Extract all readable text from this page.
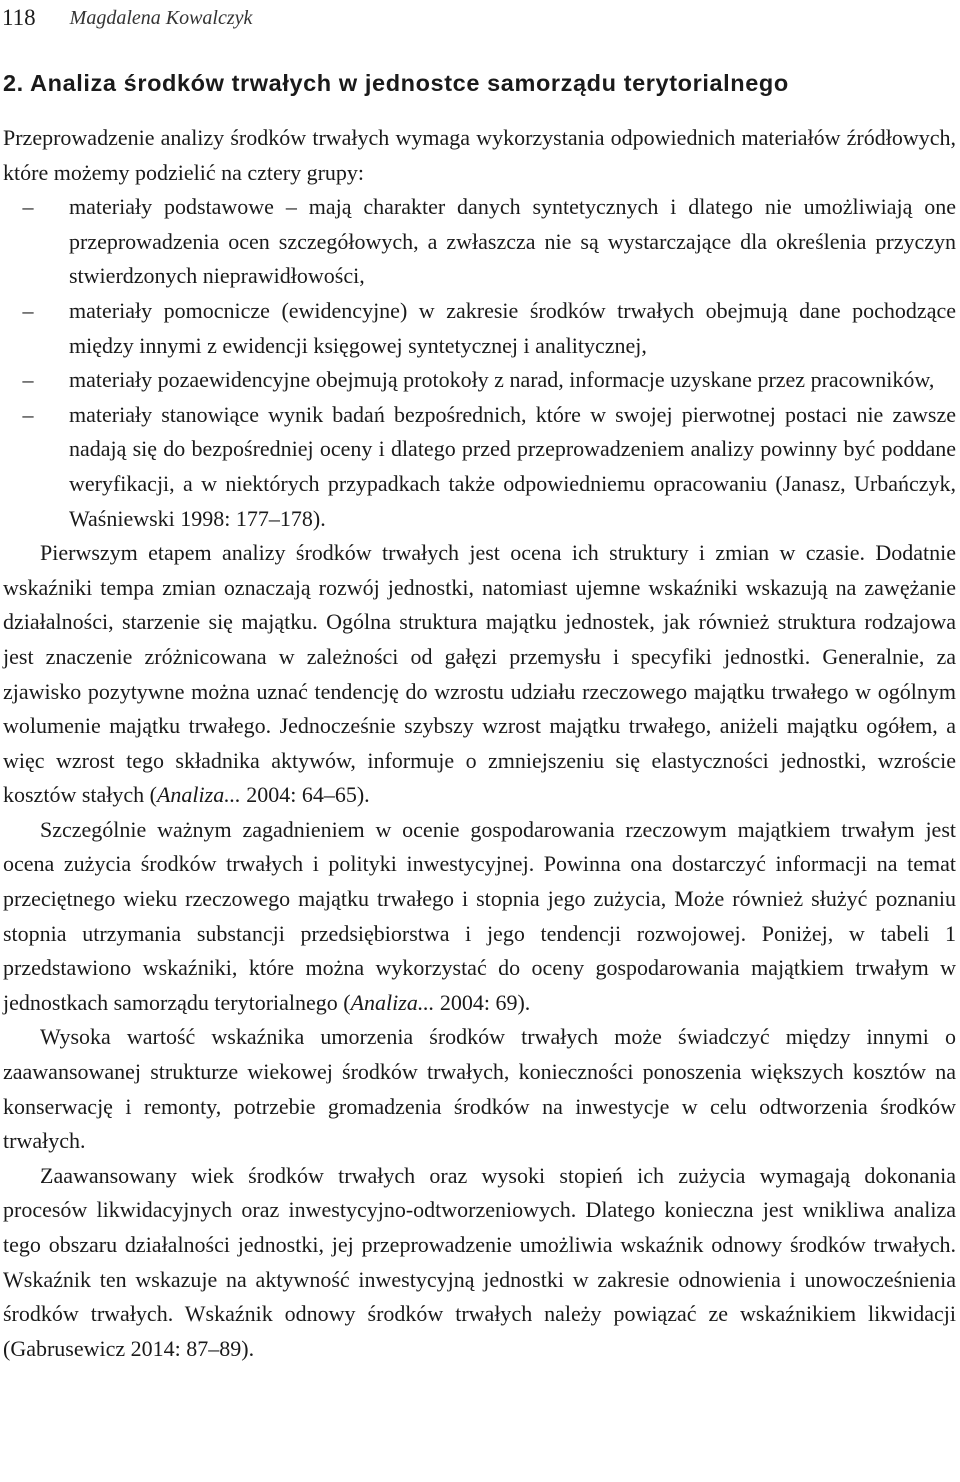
118 Magdalena Kowalczyk
2. Analiza środków trwałych w jednostce samorządu terytorialnego

Przeprowadzenie analizy środków trwałych wymaga wykorzystania odpowiednich materiałów źródłowych, które możemy podzielić na cztery grupy:

–	materiały podstawowe – mają charakter danych syntetycznych i dlatego nie umożliwiają one przeprowadzenia ocen szczegółowych, a zwłaszcza nie są wystarczające dla określenia przyczyn stwierdzonych nieprawidłowości,
–	materiały pomocnicze (ewidencyjne) w zakresie środków trwałych obejmują dane pochodzące między innymi z ewidencji księgowej syntetycznej i analitycznej,
–	materiały pozaewidencyjne obejmują protokoły z narad, informacje uzyskane przez pracowników,
–	materiały stanowiące wynik badań bezpośrednich, które w swojej pierwotnej postaci nie zawsze nadają się do bezpośredniej oceny i dlatego przed przeprowadzeniem analizy powinny być poddane weryfikacji, a w niektórych przypadkach także odpowiedniemu opracowaniu (Janasz, Urbańczyk, Waśniewski 1998: 177–178).

Pierwszym etapem analizy środków trwałych jest ocena ich struktury i zmian w czasie. Dodatnie wskaźniki tempa zmian oznaczają rozwój jednostki, natomiast ujemne wskaźniki wskazują na zawężanie działalności, starzenie się majątku. Ogólna struktura majątku jednostek, jak również struktura rodzajowa jest znaczenie zróżnicowana w zależności od gałęzi przemysłu i specyfiki jednostki. Generalnie, za zjawisko pozytywne można uznać tendencję do wzrostu udziału rzeczowego majątku trwałego w ogólnym wolumenie majątku trwałego. Jednocześnie szybszy wzrost majątku trwałego, aniżeli majątku ogółem, a więc wzrost tego składnika aktywów, informuje o zmniejszeniu się elastyczności jednostki, wzroście kosztów stałych (Analiza... 2004: 64–65).

Szczególnie ważnym zagadnieniem w ocenie gospodarowania rzeczowym majątkiem trwałym jest ocena zużycia środków trwałych i polityki inwestycyjnej. Powinna ona dostarczyć informacji na temat przeciętnego wieku rzeczowego majątku trwałego i stopnia jego zużycia, Może również służyć poznaniu stopnia utrzymania substancji przedsiębiorstwa i jego tendencji rozwojowej. Poniżej, w tabeli 1 przedstawiono wskaźniki, które można wykorzystać do oceny gospodarowania majątkiem trwałym w jednostkach samorządu terytorialnego (Analiza... 2004: 69).

Wysoka wartość wskaźnika umorzenia środków trwałych może świadczyć między innymi o zaawansowanej strukturze wiekowej środków trwałych, konieczności ponoszenia większych kosztów na konserwację i remonty, potrzebie gromadzenia środków na inwestycje w celu odtworzenia środków trwałych.

Zaawansowany wiek środków trwałych oraz wysoki stopień ich zużycia wymagają dokonania procesów likwidacyjnych oraz inwestycyjno-odtworzeniowych. Dlatego konieczna jest wnikliwa analiza tego obszaru działalności jednostki, jej przeprowadzenie umożliwia wskaźnik odnowy środków trwałych. Wskaźnik ten wskazuje na aktywność inwestycyjną jednostki w zakresie odnowienia i unowocześnienia środków trwałych. Wskaźnik odnowy środków trwałych należy powiązać ze wskaźnikiem likwidacji (Gabrusewicz 2014: 87–89).
